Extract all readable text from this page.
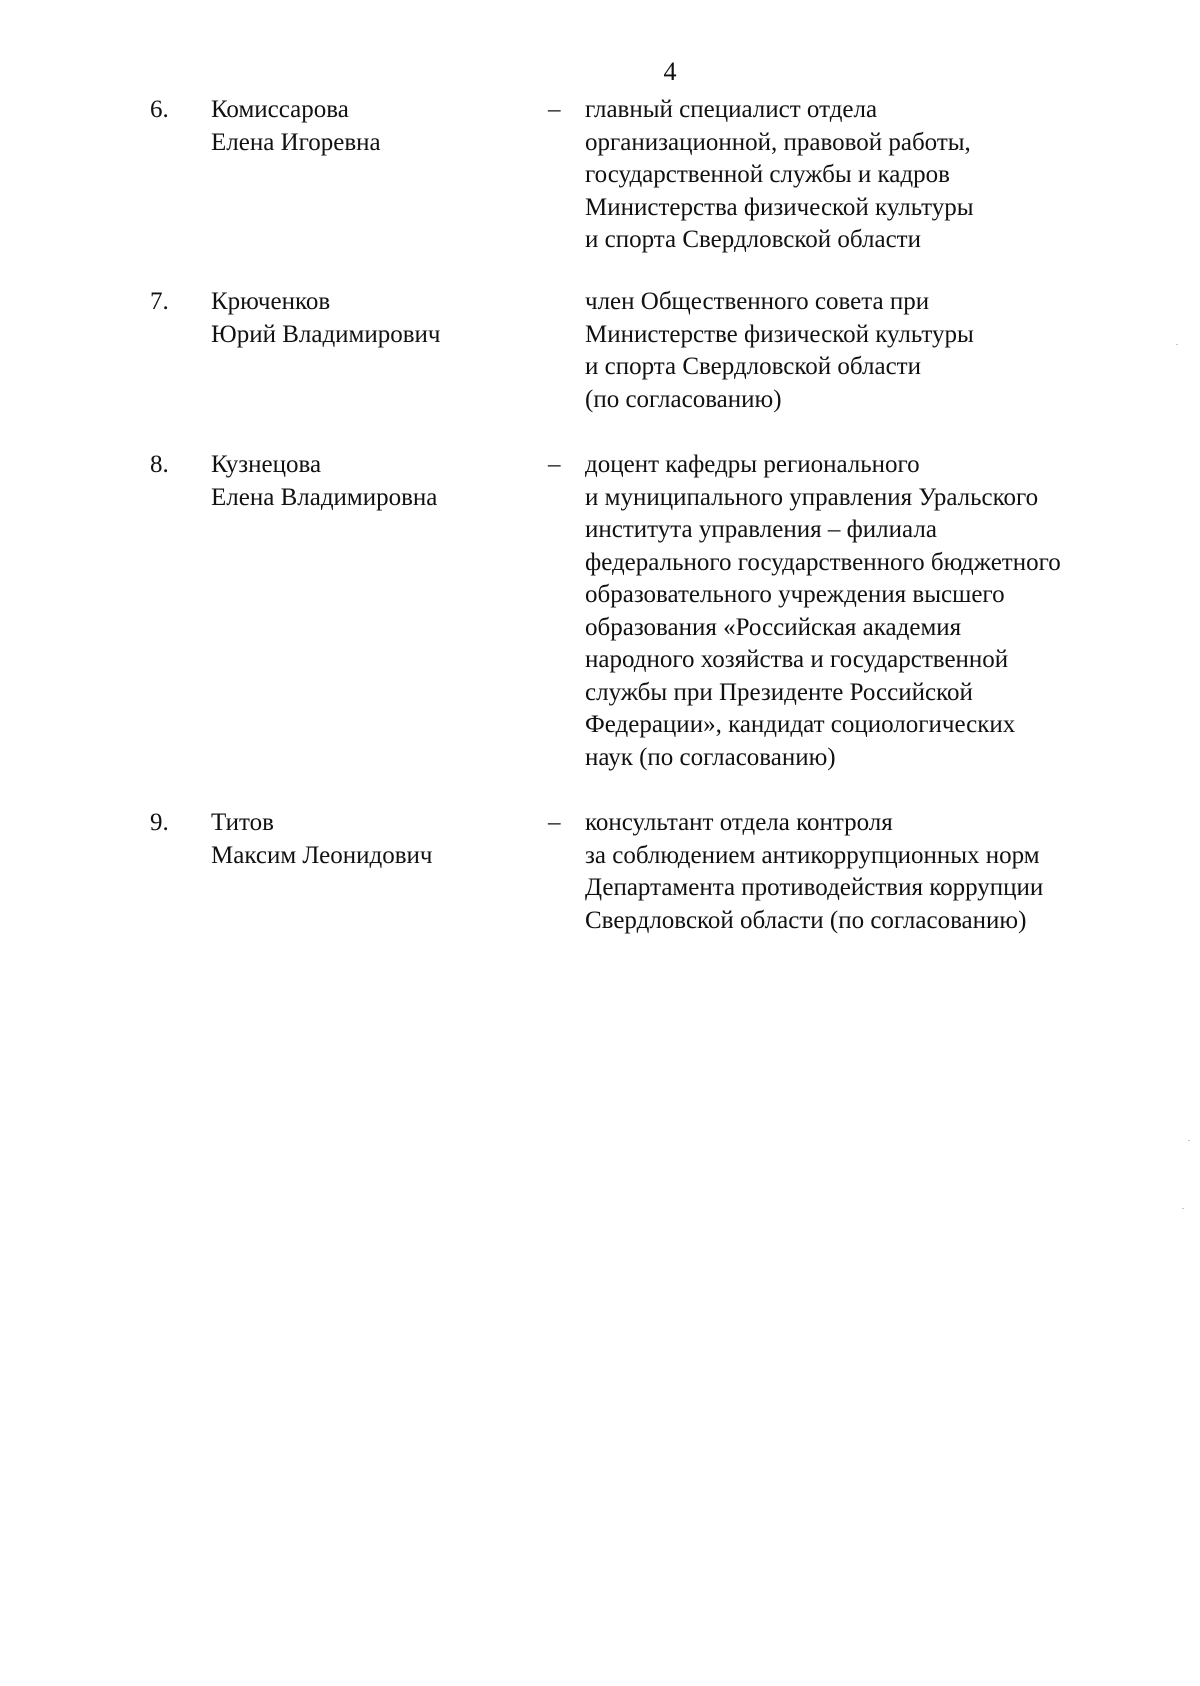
4
6. Комиссарова
Елена Игоревна
– главный специалист отдела
организационной, правовой работы,
государственной службы и кадров
Министерства физической культуры
и спорта Свердловской области
7. Крюченков
Юрий Владимирович
член Общественного совета при
Министерстве физической культуры
и спорта Свердловской области
(по согласованию)
8. Кузнецова
Елена Владимировна
– доцент кафедры регионального
и муниципального управления Уральского
института управления – филиала
федерального государственного бюджетного
образовательного учреждения высшего
образования «Российская академия
народного хозяйства и государственной
службы при Президенте Российской
Федерации», кандидат социологических
наук (по согласованию)
9. Титов
Максим Леонидович
– консультант отдела контроля
за соблюдением антикоррупционных норм
Департамента противодействия коррупции
Свердловской области (по согласованию)
